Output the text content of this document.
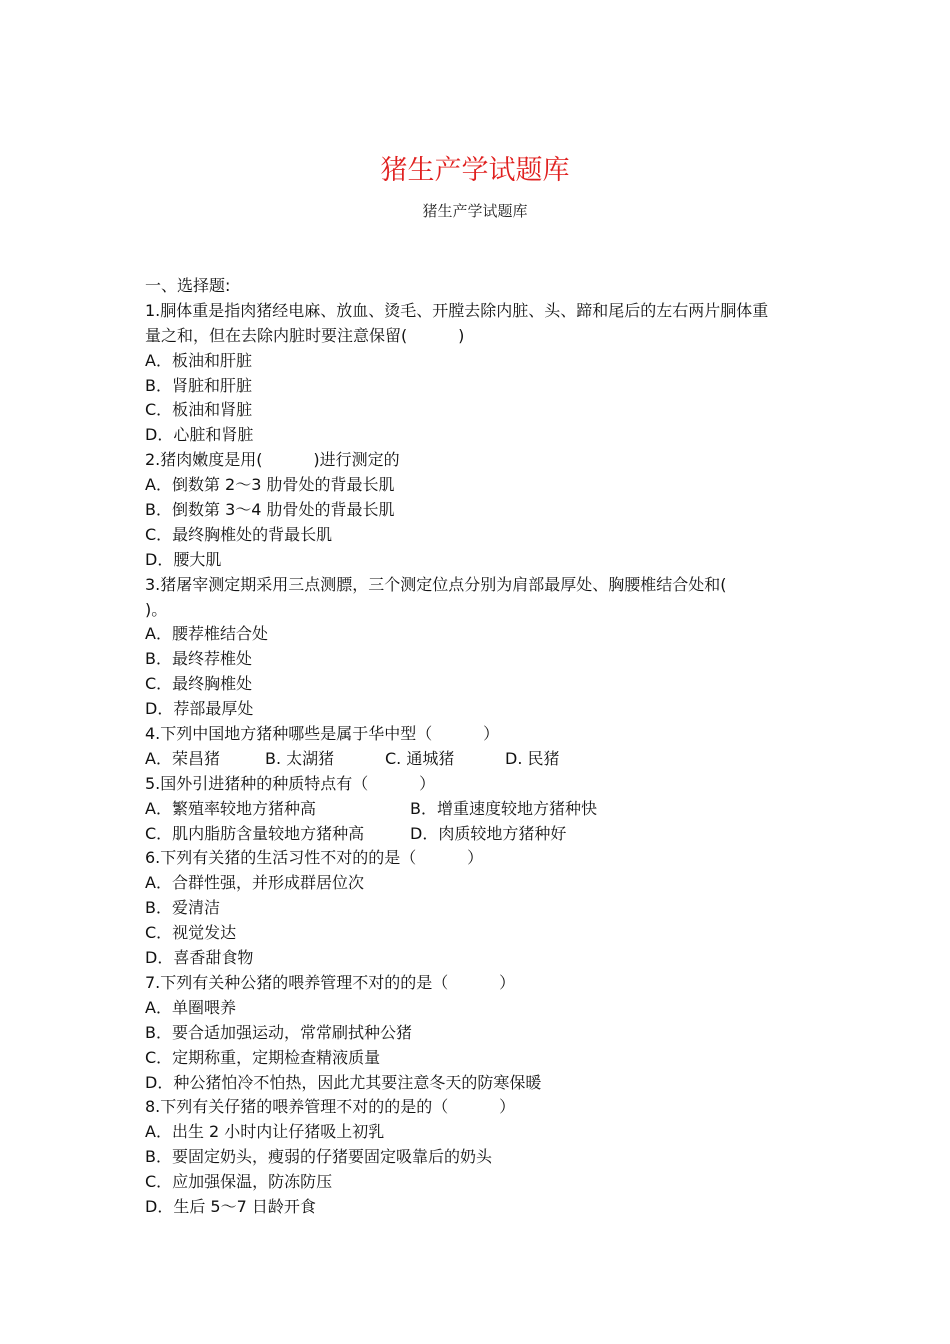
猪生产学试题库
猪生产学试题库
一、选择题:
1.胴体重是指肉猪经电麻、放血、烫毛、开膛去除内脏、头、蹄和尾后的左右两片胴体重
量之和，但在去除内脏时要注意保留(          )
A．板油和肝脏
B．肾脏和肝脏
C．板油和肾脏
D．心脏和肾脏
2.猪肉嫩度是用(          )进行测定的
A．倒数第 2～3 肋骨处的背最长肌
B．倒数第 3～4 肋骨处的背最长肌
C．最终胸椎处的背最长肌
D．腰大肌
3.猪屠宰测定期采用三点测膘，三个测定位点分别为肩部最厚处、胸腰椎结合处和(
)。
A．腰荐椎结合处
B．最终荐椎处
C．最终胸椎处
D．荐部最厚处
4.下列中国地方猪种哪些是属于华中型（          ）
A．荣昌猪	B. 太湖猪	C. 通城猪	D. 民猪
5.国外引进猪种的种质特点有（          ）
A．繁殖率较地方猪种高	B．增重速度较地方猪种快
C．肌内脂肪含量较地方猪种高	D．肉质较地方猪种好
6.下列有关猪的生活习性不对的的是（          ）
A．合群性强，并形成群居位次
B．爱清洁
C．视觉发达
D．喜香甜食物
7.下列有关种公猪的喂养管理不对的的是（          ）
A．单圈喂养
B．要合适加强运动，常常刷拭种公猪
C．定期称重，定期检查精液质量
D．种公猪怕冷不怕热，因此尤其要注意冬天的防寒保暖
8.下列有关仔猪的喂养管理不对的的是的（          ）
A．出生 2 小时内让仔猪吸上初乳
B．要固定奶头，瘦弱的仔猪要固定吸靠后的奶头
C．应加强保温，防冻防压
D．生后 5～7 日龄开食
